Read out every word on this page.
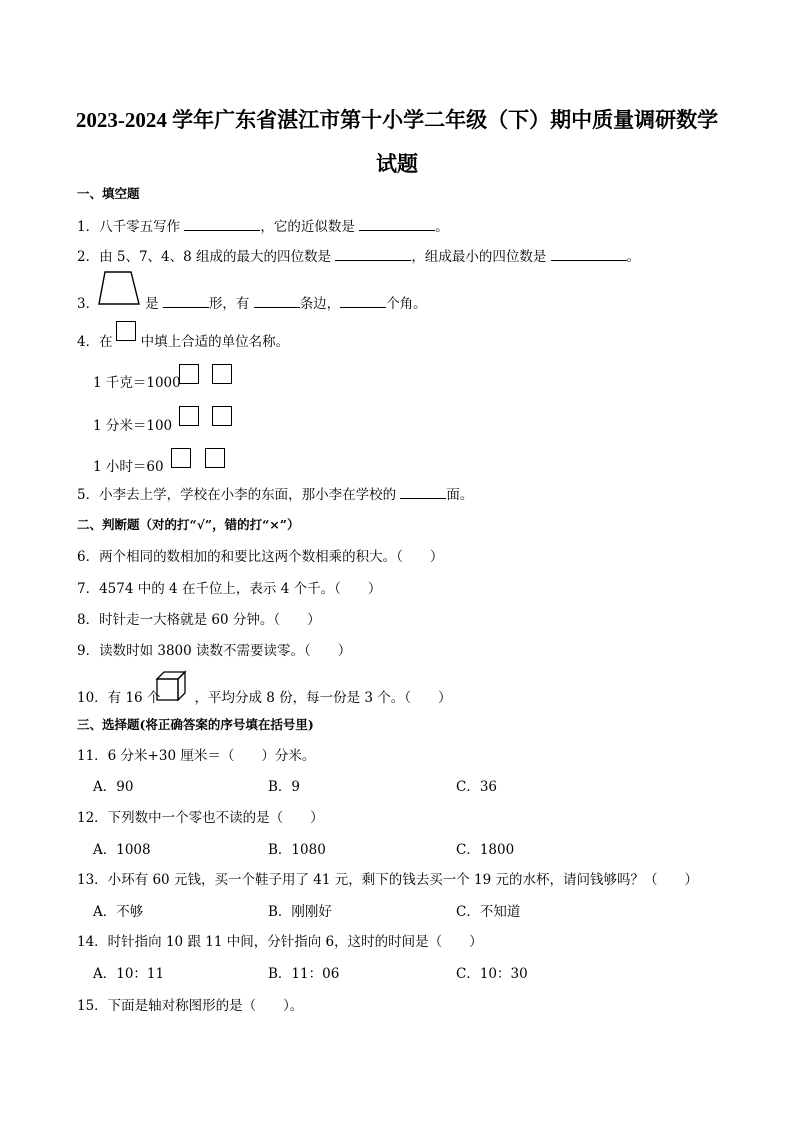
2023-2024 学年广东省湛江市第十小学二年级（下）期中质量调研数学试题
一、填空题
1．八千零五写作	，它的近似数是	。
2．由 5、7、4、8 组成的最大的四位数是	，组成最小的四位数是	。
3．	是	形，有	条边，	个角。
4．在 中填上合适的单位名称。
1 千克＝1000
1 分米＝100
1 小时＝60
5．小李去上学，学校在小李的东面，那小李在学校的	面。
二、判断题（对的打“√”，错的打“×”）
6．两个相同的数相加的和要比这两个数相乘的积大。（　　）
7．4574 中的 4 在千位上，表示 4 个千。（　　）
8．时针走一大格就是 60 分钟。（　　）
9．读数时如 3800 读数不需要读零。（　　）
10．有 16 个	，平均分成 8 份，每一份是 3 个。（　　）
三、选择题(将正确答案的序号填在括号里)
11．6 分米+30 厘米＝（　　）分米。
A．90	B．9	C．36
12．下列数中一个零也不读的是（　　）
A．1008	B．1080	C．1800
13．小环有 60 元钱，买一个鞋子用了 41 元，剩下的钱去买一个 19 元的水杯，请问钱够吗？（　　）
A．不够	B．刚刚好	C．不知道
14．时针指向 10 跟 11 中间，分针指向 6，这时的时间是（　　）
A．10：11	B．11：06	C．10：30
15．下面是轴对称图形的是（　　）。
